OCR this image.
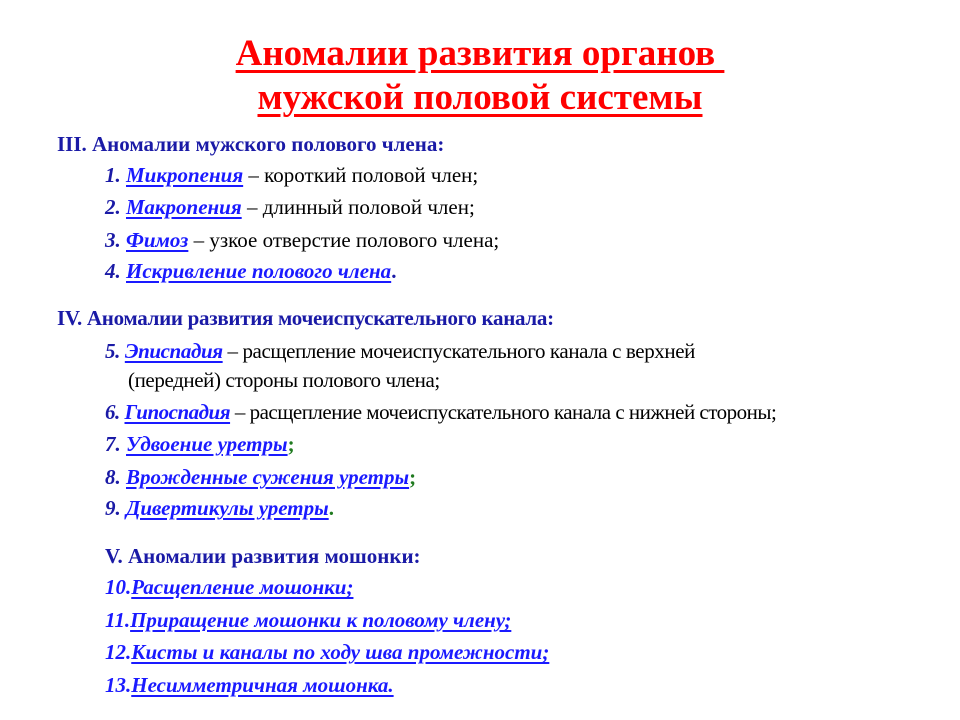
Аномалии развития органов
мужской половой системы
III. Аномалии мужского полового члена:
1. Микропения – короткий половой член;
2. Макропения – длинный половой член;
3. Фимоз – узкое отверстие полового члена;
4. Искривление полового члена.
IV. Аномалии развития мочеиспускательного канала:
5. Эписпадия – расщепление мочеиспускательного канала с верхней
(передней) стороны полового члена;
6. Гипоспадия – расщепление мочеиспускательного канала с нижней стороны;
7. Удвоение уретры;
8. Врожденные сужения уретры;
9. Дивертикулы уретры.
V. Аномалии развития мошонки:
10.Расщепление мошонки;
11.Приращение мошонки к половому члену;
12.Кисты и каналы по ходу шва промежности;
13.Несимметричная мошонка.
